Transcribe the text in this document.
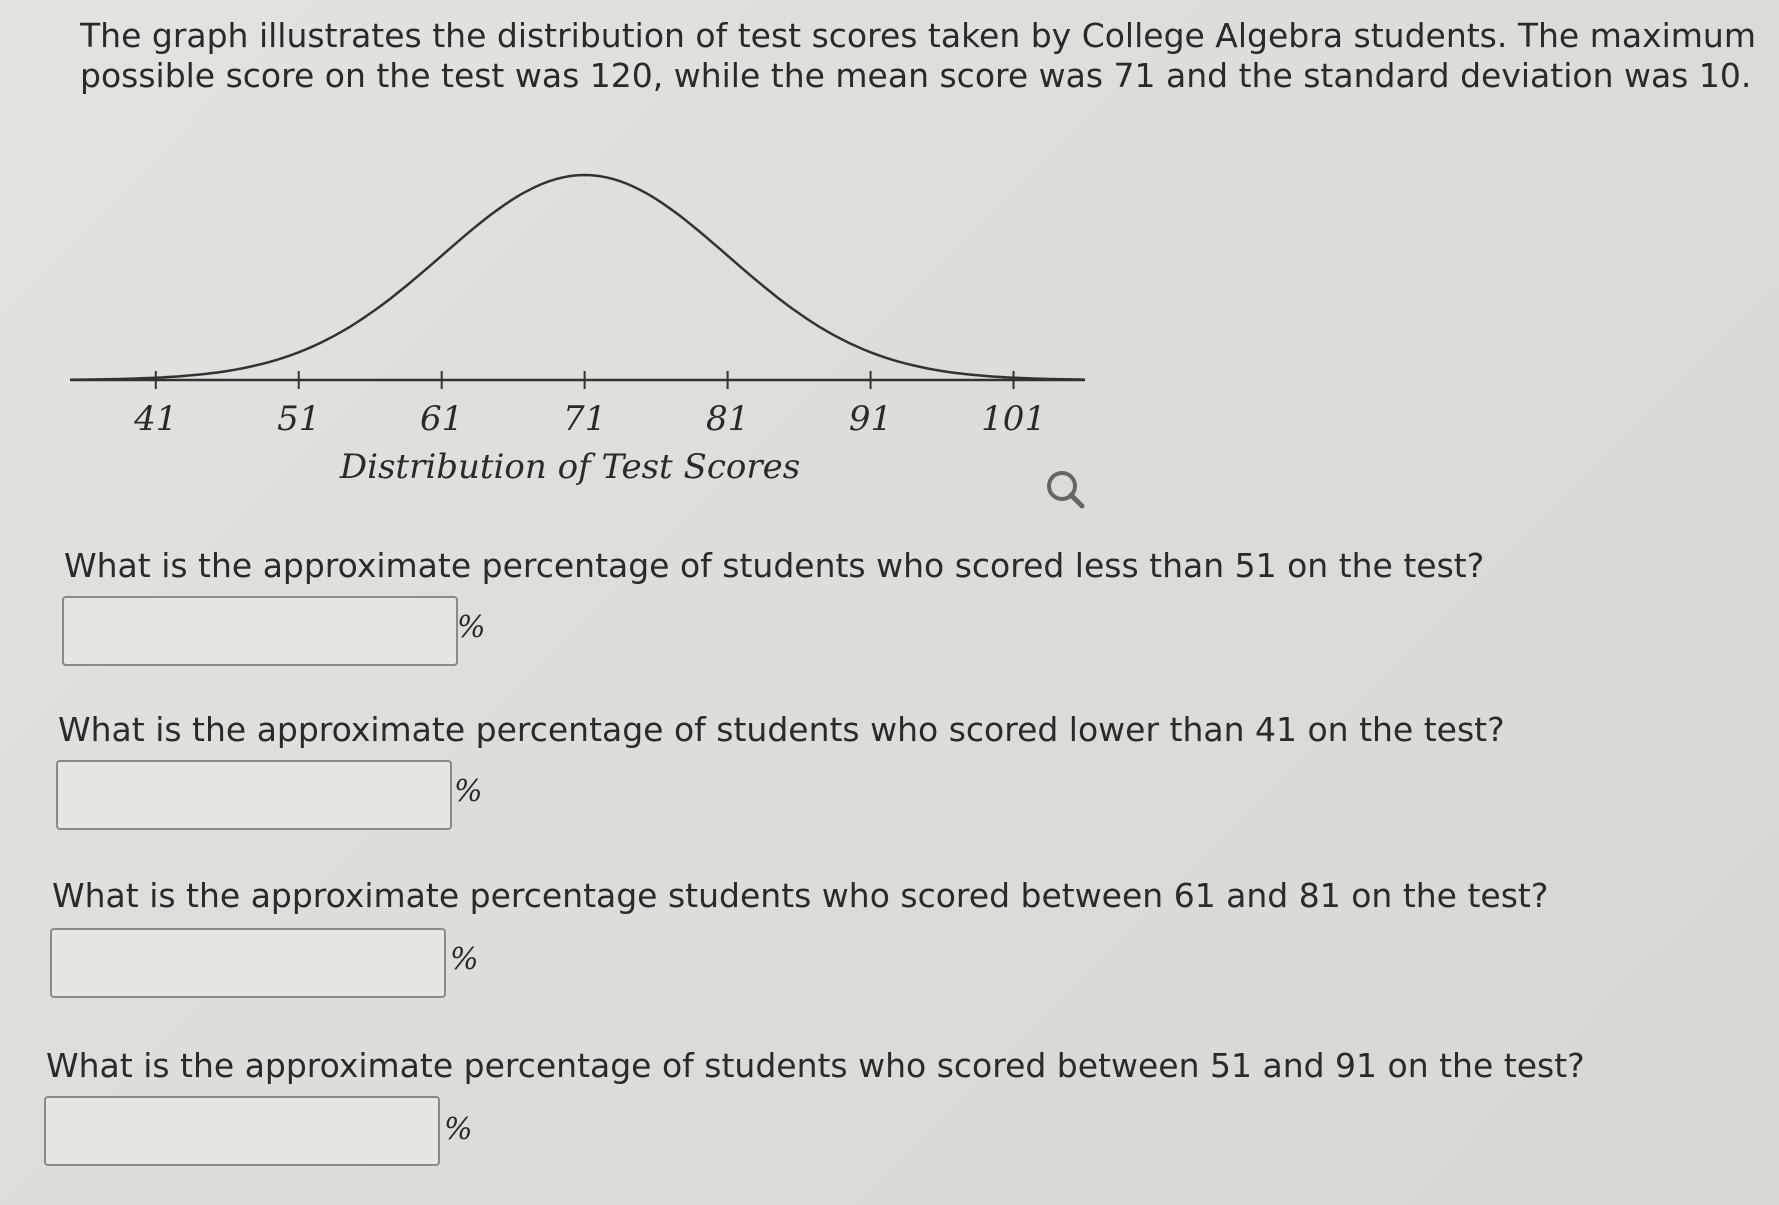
The graph illustrates the distribution of test scores taken by College Algebra students. The maximum
possible score on the test was 120, while the mean score was 71 and the standard deviation was 10.

41	51	61	71	81	91	101
Distribution of Test Scores

What is the approximate percentage of students who scored less than 51 on the test?

%

What is the approximate percentage of students who scored lower than 41 on the test?

%

What is the approximate percentage students who scored between 61 and 81 on the test?

%

What is the approximate percentage of students who scored between 51 and 91 on the test?

%
